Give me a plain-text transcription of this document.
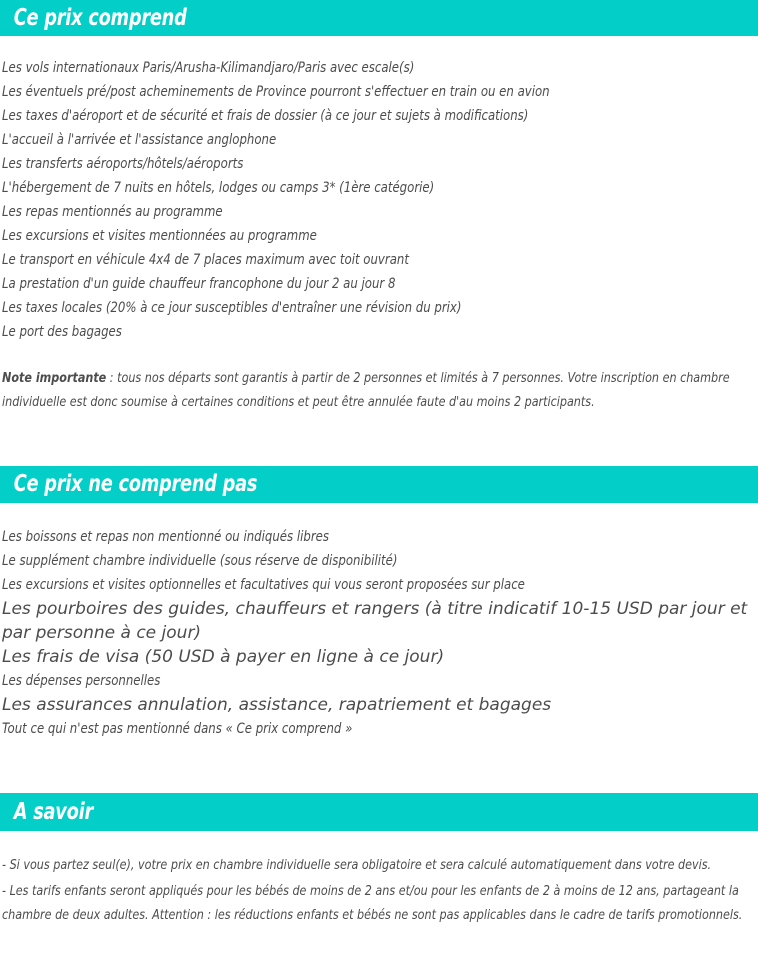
Ce prix comprend
Les vols internationaux Paris/Arusha-Kilimandjaro/Paris avec escale(s)
Les éventuels pré/post acheminements de Province pourront s'effectuer en train ou en avion
Les taxes d'aéroport et de sécurité et frais de dossier (à ce jour et sujets à modifications)
L'accueil à l'arrivée et l'assistance anglophone
Les transferts aéroports/hôtels/aéroports
L'hébergement de 7 nuits en hôtels, lodges ou camps 3* (1ère catégorie)
Les repas mentionnés au programme
Les excursions et visites mentionnées au programme
Le transport en véhicule 4x4 de 7 places maximum avec toit ouvrant
La prestation d'un guide chauffeur francophone du jour 2 au jour 8
Les taxes locales (20% à ce jour susceptibles d'entraîner une révision du prix)
Le port des bagages
Note importante : tous nos départs sont garantis à partir de 2 personnes et limités à 7 personnes. Votre inscription en chambre individuelle est donc soumise à certaines conditions et peut être annulée faute d'au moins 2 participants.
Ce prix ne comprend pas
Les boissons et repas non mentionné ou indiqués libres
Le supplément chambre individuelle (sous réserve de disponibilité)
Les excursions et visites optionnelles et facultatives qui vous seront proposées sur place
Les pourboires des guides, chauffeurs et rangers (à titre indicatif 10-15 USD par jour et par personne à ce jour)
Les frais de visa (50 USD à payer en ligne à ce jour)
Les dépenses personnelles
Les assurances annulation, assistance, rapatriement et bagages
Tout ce qui n'est pas mentionné dans « Ce prix comprend »
A savoir

- Si vous partez seul(e), votre prix en chambre individuelle sera obligatoire et sera calculé automatiquement dans votre devis.

- Les tarifs enfants seront appliqués pour les bébés de moins de 2 ans et/ou pour les enfants de 2 à moins de 12 ans, partageant la chambre de deux adultes. Attention : les réductions enfants et bébés ne sont pas applicables dans le cadre de tarifs promotionnels.
